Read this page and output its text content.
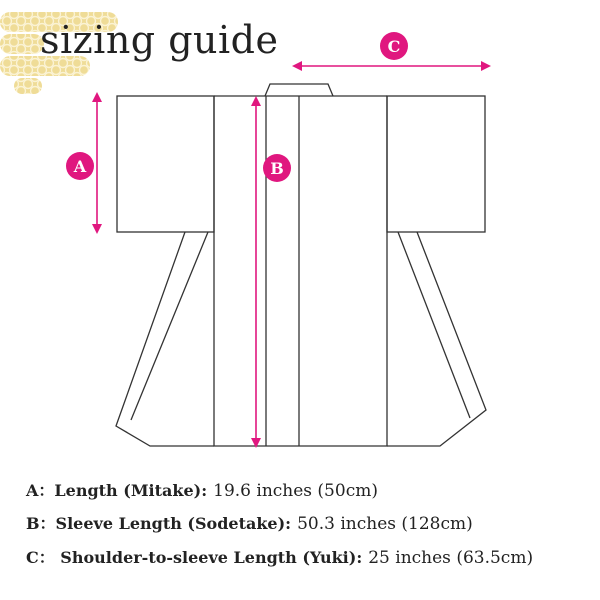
A	B
C
sizing guide
A：Length (Mitake): 19.6 inches (50cm)
B：Sleeve Length (Sodetake): 50.3 inches (128cm)
C： Shoulder-to-sleeve Length (Yuki): 25 inches (63.5cm)
